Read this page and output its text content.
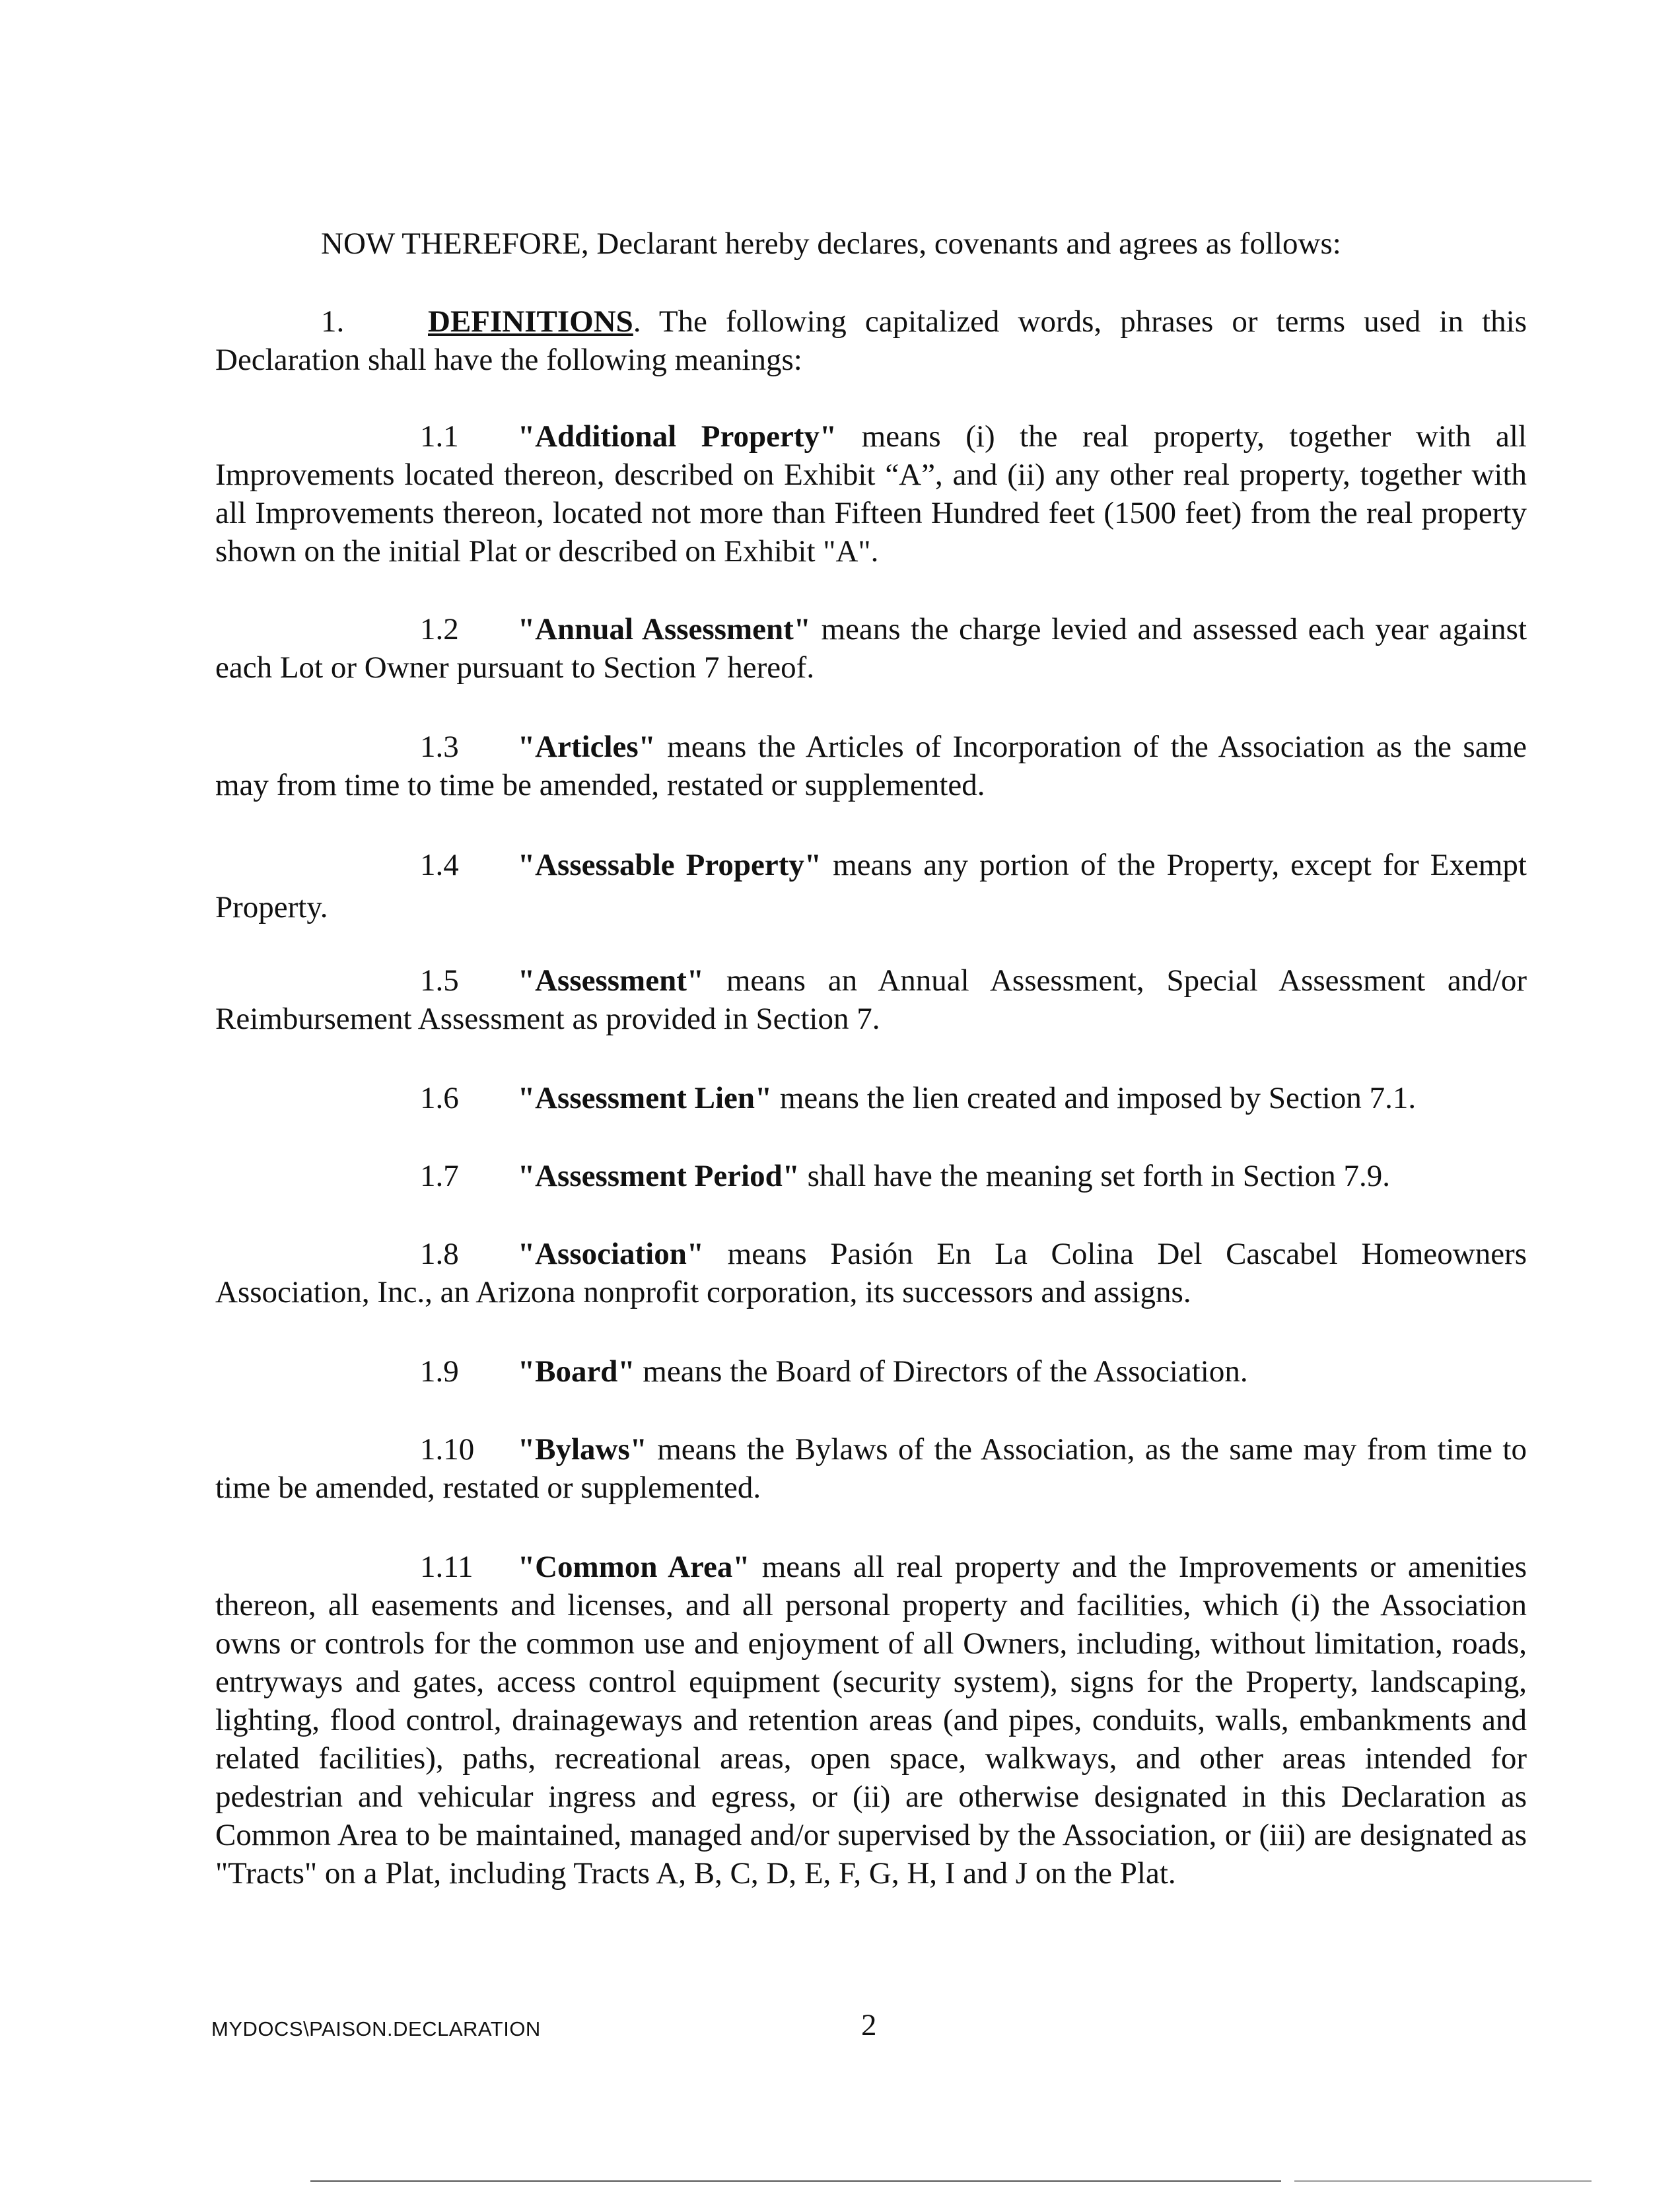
NOW THEREFORE, Declarant hereby declares, covenants and agrees as follows:
1.	DEFINITIONS. The following capitalized words, phrases or terms used in this Declaration shall have the following meanings:
1.1 "Additional Property" means (i) the real property, together with all Improvements located thereon, described on Exhibit “A”, and (ii) any other real property, together with all Improvements thereon, located not more than Fifteen Hundred feet (1500 feet) from the real property shown on the initial Plat or described on Exhibit "A".
1.2 "Annual Assessment" means the charge levied and assessed each year against each Lot or Owner pursuant to Section 7 hereof.
1.3 "Articles" means the Articles of Incorporation of the Association as the same may from time to time be amended, restated or supplemented.
1.4 "Assessable Property" means any portion of the Property, except for Exempt Property.
1.5 "Assessment" means an Annual Assessment, Special Assessment and/or Reimbursement Assessment as provided in Section 7.
1.6 "Assessment Lien" means the lien created and imposed by Section 7.1.
1.7 "Assessment Period" shall have the meaning set forth in Section 7.9.
1.8 "Association" means Pasión En La Colina Del Cascabel Homeowners Association, Inc., an Arizona nonprofit corporation, its successors and assigns.
1.9 "Board" means the Board of Directors of the Association.
1.10 "Bylaws" means the Bylaws of the Association, as the same may from time to time be amended, restated or supplemented.
1.11 "Common Area" means all real property and the Improvements or amenities thereon, all easements and licenses, and all personal property and facilities, which (i) the Association owns or controls for the common use and enjoyment of all Owners, including, without limitation, roads, entryways and gates, access control equipment (security system), signs for the Property, landscaping, lighting, flood control, drainageways and retention areas (and pipes, conduits, walls, embankments and related facilities), paths, recreational areas, open space, walkways, and other areas intended for pedestrian and vehicular ingress and egress, or (ii) are otherwise designated in this Declaration as Common Area to be maintained, managed and/or supervised by the Association, or (iii) are designated as "Tracts" on a Plat, including Tracts A, B, C, D, E, F, G, H, I and J on the Plat.
MYDOCS\PAISON.DECLARATION	2
